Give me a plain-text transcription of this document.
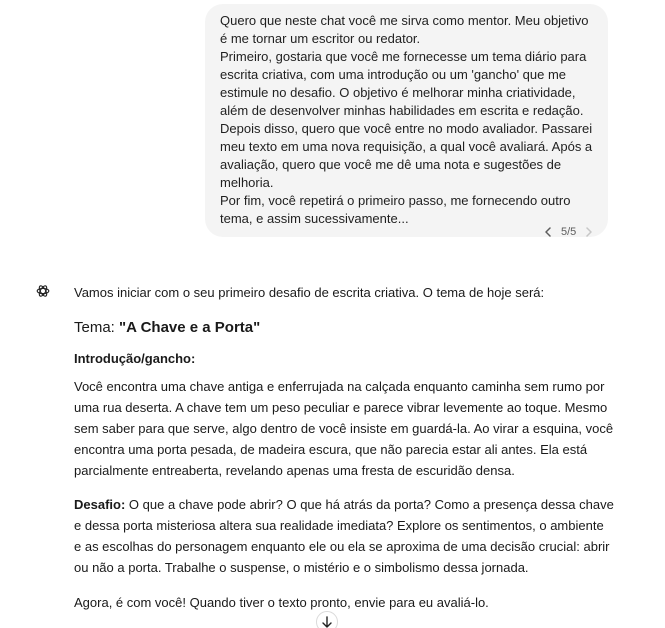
Quero que neste chat você me sirva como mentor. Meu objetivo é me tornar um escritor ou redator.

Primeiro, gostaria que você me fornecesse um tema diário para escrita criativa, com uma introdução ou um 'gancho' que me estimule no desafio. O objetivo é melhorar minha criatividade, além de desenvolver minhas habilidades em escrita e redação.

Depois disso, quero que você entre no modo avaliador. Passarei meu texto em uma nova requisição, a qual você avaliará. Após a avaliação, quero que você me dê uma nota e sugestões de melhoria.

Por fim, você repetirá o primeiro passo, me fornecendo outro tema, e assim sucessivamente...

5/5

Vamos iniciar com o seu primeiro desafio de escrita criativa. O tema de hoje será:

Tema: "A Chave e a Porta"

Introdução/gancho:

Você encontra uma chave antiga e enferrujada na calçada enquanto caminha sem rumo por uma rua deserta. A chave tem um peso peculiar e parece vibrar levemente ao toque. Mesmo sem saber para que serve, algo dentro de você insiste em guardá-la. Ao virar a esquina, você encontra uma porta pesada, de madeira escura, que não parecia estar ali antes. Ela está parcialmente entreaberta, revelando apenas uma fresta de escuridão densa.

Desafio: O que a chave pode abrir? O que há atrás da porta? Como a presença dessa chave e dessa porta misteriosa altera sua realidade imediata? Explore os sentimentos, o ambiente e as escolhas do personagem enquanto ele ou ela se aproxima de uma decisão crucial: abrir ou não a porta. Trabalhe o suspense, o mistério e o simbolismo dessa jornada.

Agora, é com você! Quando tiver o texto pronto, envie para eu avaliá-lo.
